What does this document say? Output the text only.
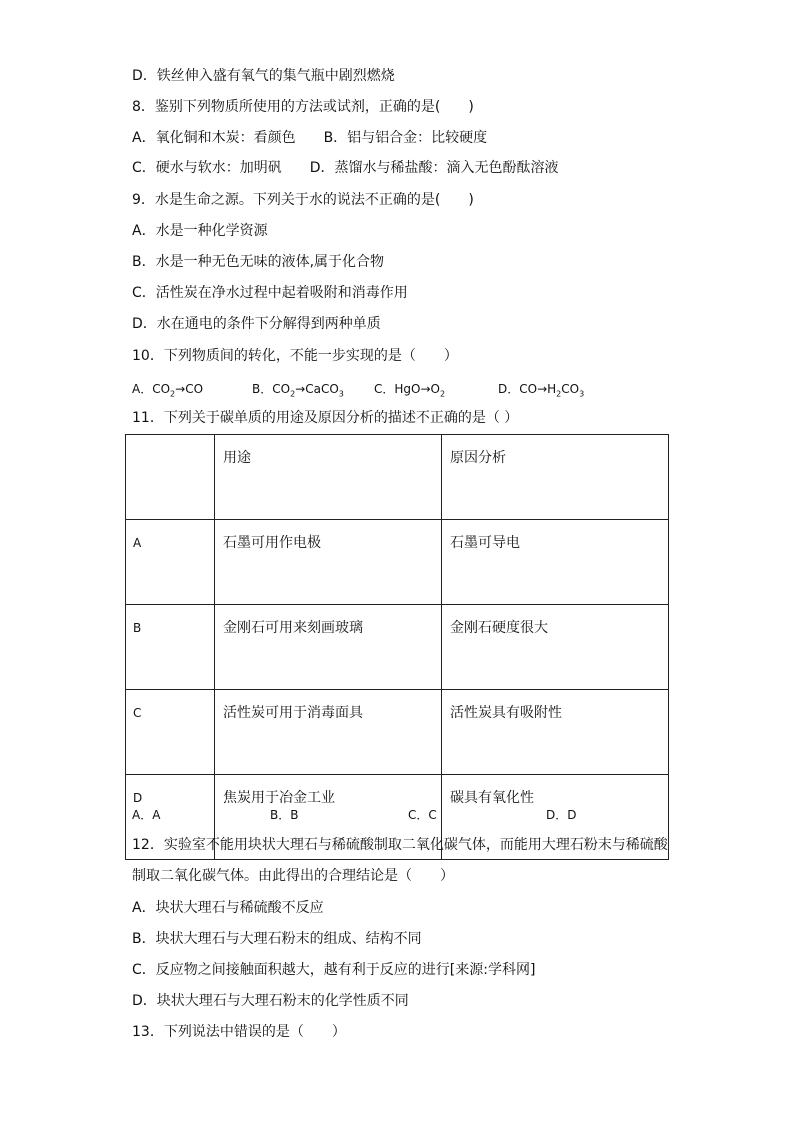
D．铁丝伸入盛有氧气的集气瓶中剧烈燃烧
8．鉴别下列物质所使用的方法或试剂，正确的是(　　)
A．氧化铜和木炭：看颜色　　B．铝与铝合金：比较硬度
C．硬水与软水：加明矾　　D．蒸馏水与稀盐酸：滴入无色酚酞溶液
9．水是生命之源。下列关于水的说法不正确的是(　　)
A．水是一种化学资源
B．水是一种无色无味的液体,属于化合物
C．活性炭在净水过程中起着吸附和消毒作用
D．水在通电的条件下分解得到两种单质
10．下列物质间的转化，不能一步实现的是（　　）
A．$CO_2\to CO$	B．$CO_2\to CaCO_3$	C．$HgO\to O_2$	D．$CO\to H_2CO_3$
11．下列关于碳单质的用途及原因分析的描述不正确的是（ ）
	用途	原因分析
A	石墨可用作电极	石墨可导电
B	金刚石可用来刻画玻璃	金刚石硬度很大
C	活性炭可用于消毒面具	活性炭具有吸附性
D	焦炭用于冶金工业	碳具有氧化性
A．A	B．B	C．C	D．D
12．实验室不能用块状大理石与稀硫酸制取二氧化碳气体，而能用大理石粉末与稀硫酸
制取二氧化碳气体。由此得出的合理结论是（　　）
A．块状大理石与稀硫酸不反应
B．块状大理石与大理石粉末的组成、结构不同
C．反应物之间接触面积越大，越有利于反应的进行[来源:学科网]
D．块状大理石与大理石粉末的化学性质不同
13．下列说法中错误的是（　　）
